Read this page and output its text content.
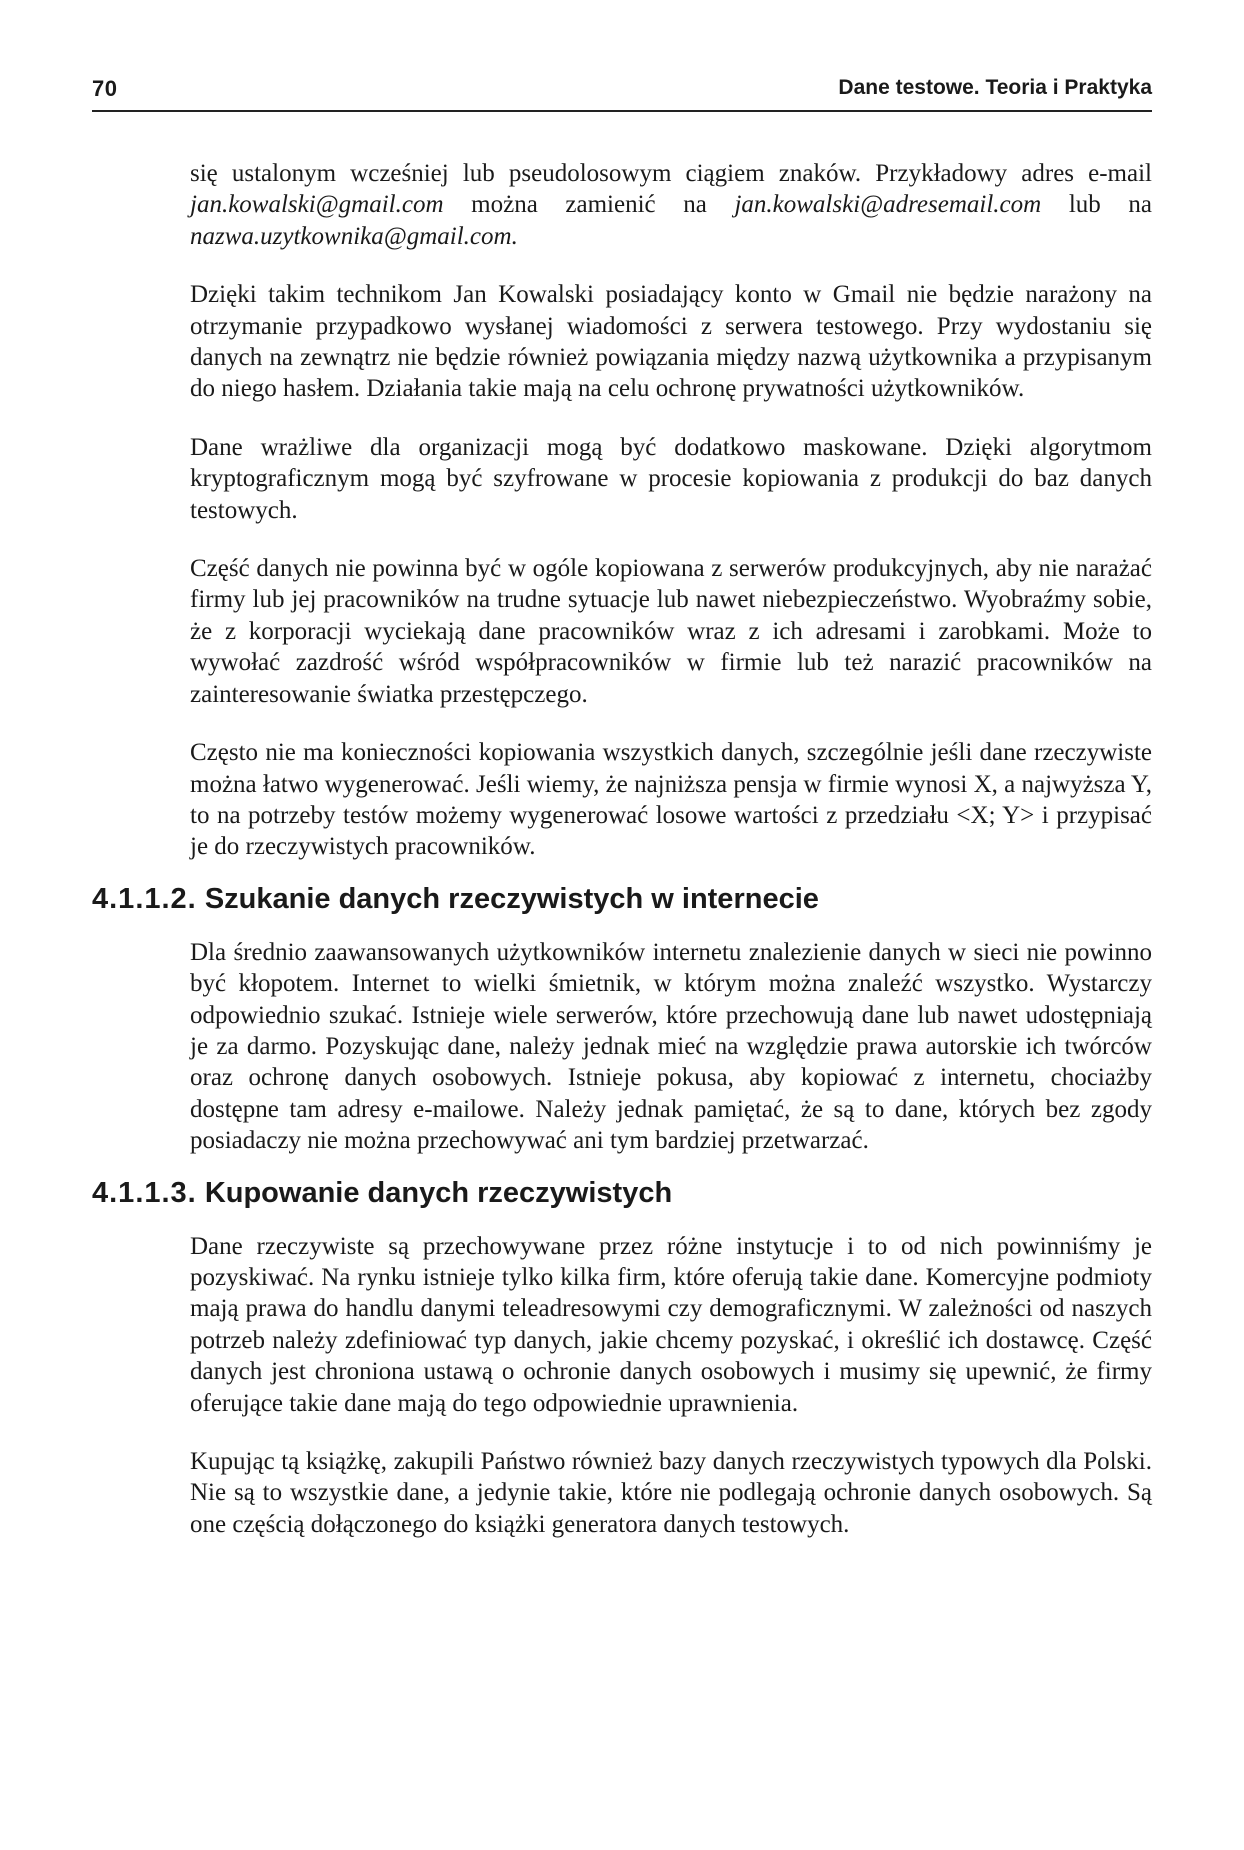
70	Dane testowe. Teoria i Praktyka

się ustalonym wcześniej lub pseudolosowym ciągiem znaków. Przykładowy adres e-mail jan.kowalski@gmail.com można zamienić na jan.kowalski@adresemail.com lub na nazwa.uzytkownika@gmail.com.

Dzięki takim technikom Jan Kowalski posiadający konto w Gmail nie będzie narażony na otrzymanie przypadkowo wysłanej wiadomości z serwera testowego. Przy wydostaniu się danych na zewnątrz nie będzie również powiązania między nazwą użytkownika a przypisanym do niego hasłem. Działania takie mają na celu ochronę prywatności użytkowników.

Dane wrażliwe dla organizacji mogą być dodatkowo maskowane. Dzięki algorytmom kryptograficznym mogą być szyfrowane w procesie kopiowania z produkcji do baz danych testowych.

Część danych nie powinna być w ogóle kopiowana z serwerów produkcyjnych, aby nie narażać firmy lub jej pracowników na trudne sytuacje lub nawet niebezpieczeństwo. Wyobraźmy sobie, że z korporacji wyciekają dane pracowników wraz z ich adresami i zarobkami. Może to wywołać zazdrość wśród współpracowników w firmie lub też narazić pracowników na zainteresowanie światka przestępczego.

Często nie ma konieczności kopiowania wszystkich danych, szczególnie jeśli dane rzeczywiste można łatwo wygenerować. Jeśli wiemy, że najniższa pensja w firmie wynosi X, a najwyższa Y, to na potrzeby testów możemy wygenerować losowe wartości z przedziału <X; Y> i przypisać je do rzeczywistych pracowników.

4.1.1.2. Szukanie danych rzeczywistych w internecie

Dla średnio zaawansowanych użytkowników internetu znalezienie danych w sieci nie powinno być kłopotem. Internet to wielki śmietnik, w którym można znaleźć wszystko. Wystarczy odpowiednio szukać. Istnieje wiele serwerów, które przechowują dane lub nawet udostępniają je za darmo. Pozyskując dane, należy jednak mieć na względzie prawa autorskie ich twórców oraz ochronę danych osobowych. Istnieje pokusa, aby kopiować z internetu, chociażby dostępne tam adresy e-mailowe. Należy jednak pamiętać, że są to dane, których bez zgody posiadaczy nie można przechowywać ani tym bardziej przetwarzać.

4.1.1.3. Kupowanie danych rzeczywistych

Dane rzeczywiste są przechowywane przez różne instytucje i to od nich powinniśmy je pozyskiwać. Na rynku istnieje tylko kilka firm, które oferują takie dane. Komercyjne podmioty mają prawa do handlu danymi teleadresowymi czy demograficznymi. W zależności od naszych potrzeb należy zdefiniować typ danych, jakie chcemy pozyskać, i określić ich dostawcę. Część danych jest chroniona ustawą o ochronie danych osobowych i musimy się upewnić, że firmy oferujące takie dane mają do tego odpowiednie uprawnienia.

Kupując tą książkę, zakupili Państwo również bazy danych rzeczywistych typowych dla Polski. Nie są to wszystkie dane, a jedynie takie, które nie podlegają ochronie danych osobowych. Są one częścią dołączonego do książki generatora danych testowych.
